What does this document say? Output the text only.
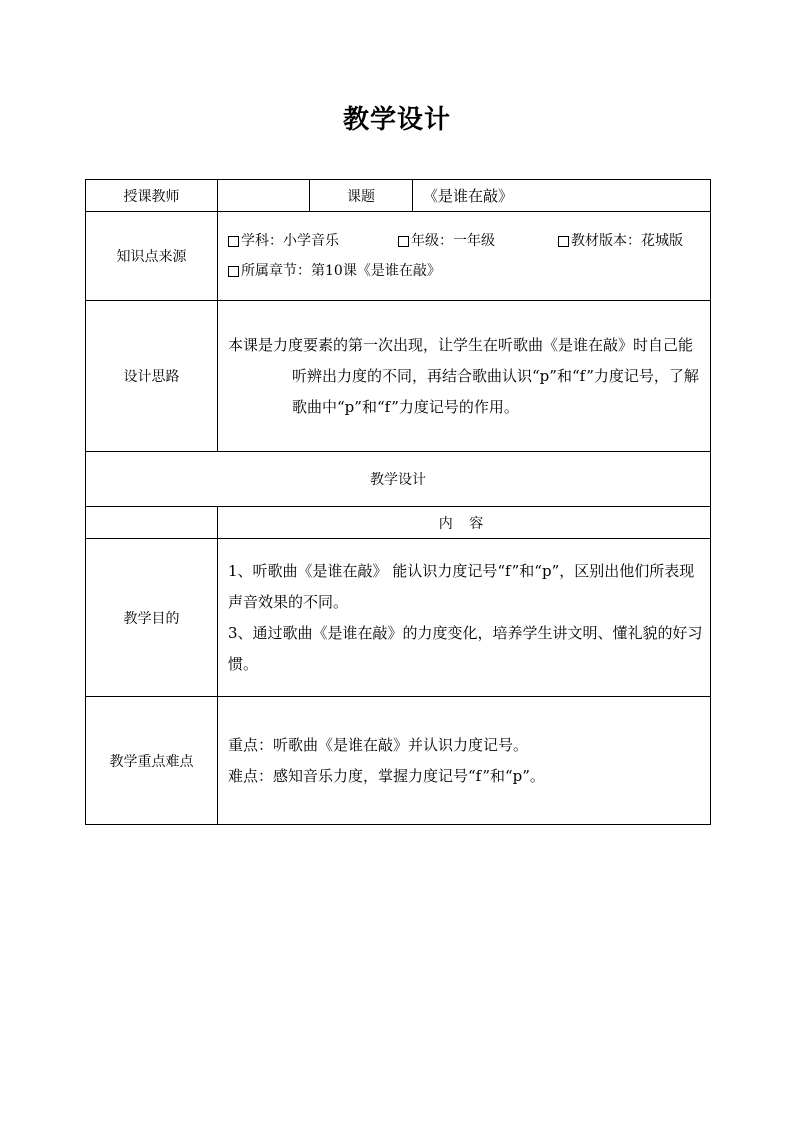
教学设计
授课教师		课题	《是谁在敲》
知识点来源	学科：小学音乐 年级：一年级 教材版本：花城版
所属章节：第10课《是谁在敲》		

设计思路	本课是力度要素的第一次出现，让学生在听歌曲《是谁在敲》时自己能听辨出力度的不同，再结合歌曲认识“p”和“f”力度记号，了解歌曲中“p”和“f”力度记号的作用。		

教学设计			
	内 容		
教学目的	1、听歌曲《是谁在敲》 能认识力度记号“f”和“p”，区别出他们所表现声音效果的不同。
3、通过歌曲《是谁在敲》的力度变化，培养学生讲文明、懂礼貌的好习惯。		

教学重点难点	重点：听歌曲《是谁在敲》并认识力度记号。
难点：感知音乐力度，掌握力度记号“f”和“p”。		
